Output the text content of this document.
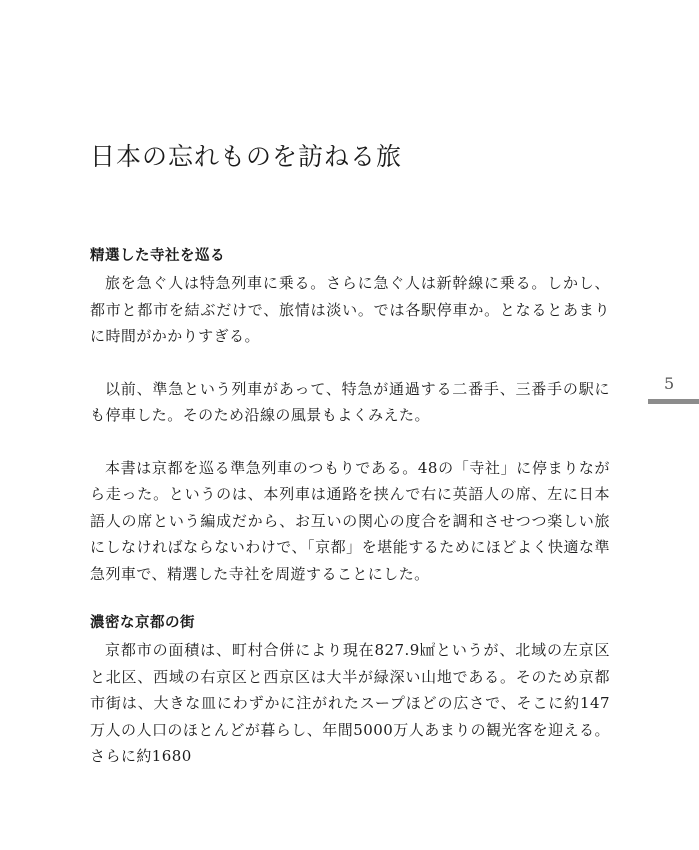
日本の忘れものを訪ねる旅

精選した寺社を巡る

旅を急ぐ人は特急列車に乗る。さらに急ぐ人は新幹線に乗る。しかし、都市と都市を結ぶだけで、旅情は淡い。では各駅停車か。となるとあまりに時間がかかりすぎる。

以前、準急という列車があって、特急が通過する二番手、三番手の駅にも停車した。そのため沿線の風景もよくみえた。

本書は京都を巡る準急列車のつもりである。48の「寺社」に停まりながら走った。というのは、本列車は通路を挟んで右に英語人の席、左に日本語人の席という編成だから、お互いの関心の度合を調和させつつ楽しい旅にしなければならないわけで、「京都」を堪能するためにほどよく快適な準急列車で、精選した寺社を周遊することにした。

濃密な京都の街

京都市の面積は、町村合併により現在827.9㎢というが、北域の左京区と北区、西域の右京区と西京区は大半が緑深い山地である。そのため京都市街は、大きな皿にわずかに注がれたスープほどの広さで、そこに約147万人の人口のほとんどが暮らし、年間5000万人あまりの観光客を迎える。さらに約1680

5
